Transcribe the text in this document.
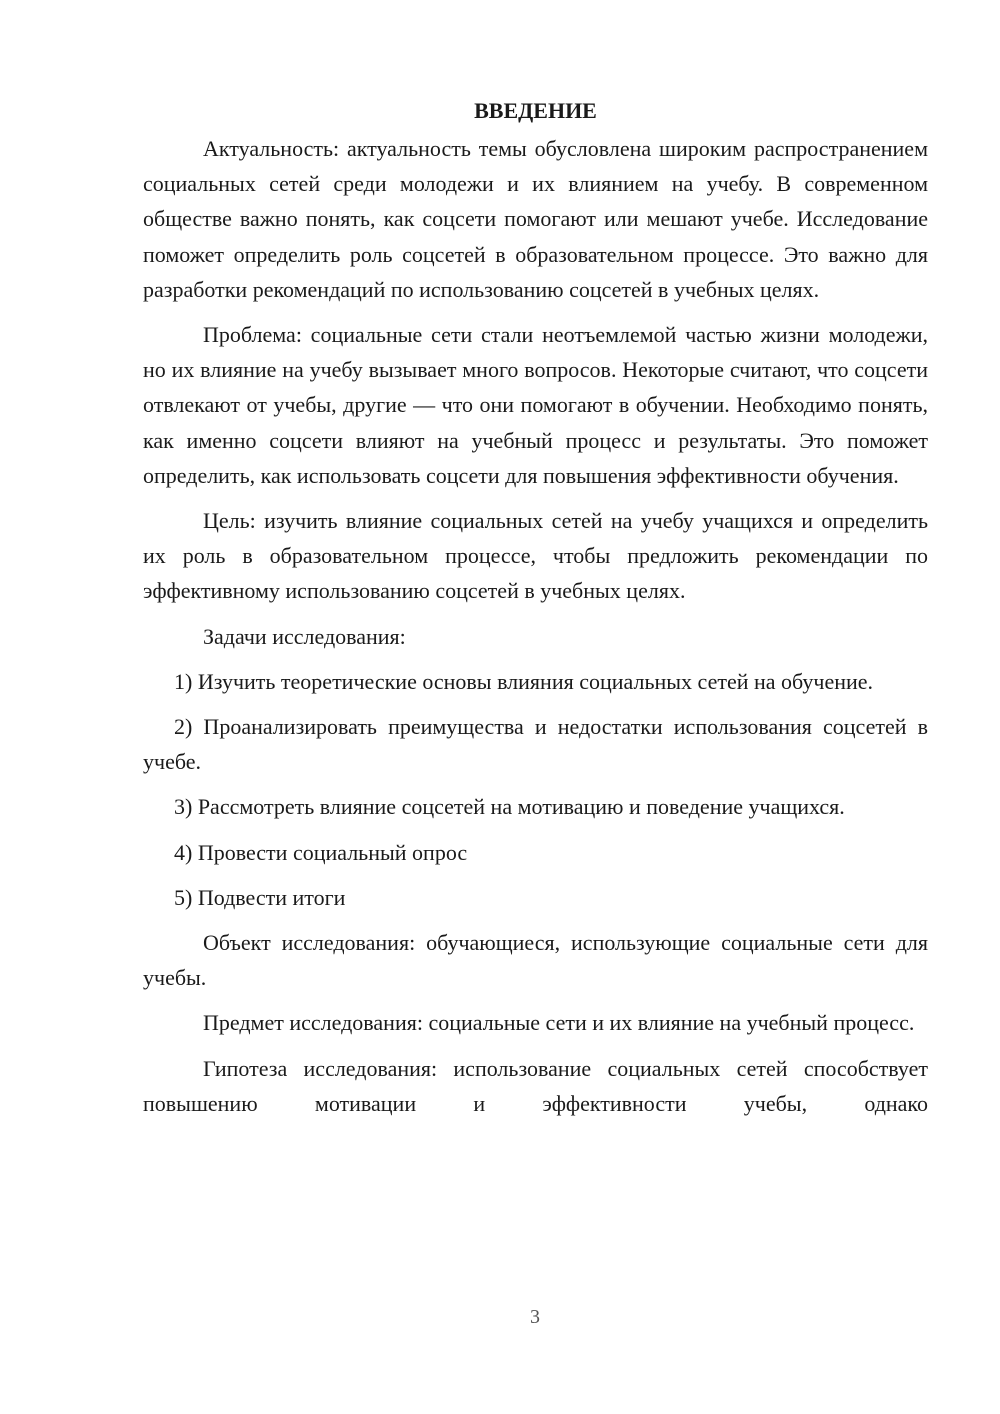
ВВЕДЕНИЕ

Актуальность: актуальность темы обусловлена широким распространением социальных сетей среди молодежи и их влиянием на учебу. В современном обществе важно понять, как соцсети помогают или мешают учебе. Исследование поможет определить роль соцсетей в образовательном процессе. Это важно для разработки рекомендаций по использованию соцсетей в учебных целях.

Проблема: социальные сети стали неотъемлемой частью жизни молодежи, но их влияние на учебу вызывает много вопросов. Некоторые считают, что соцсети отвлекают от учебы, другие — что они помогают в обучении. Необходимо понять, как именно соцсети влияют на учебный процесс и результаты. Это поможет определить, как использовать соцсети для повышения эффективности обучения.

Цель: изучить влияние социальных сетей на учебу учащихся и определить их роль в образовательном процессе, чтобы предложить рекомендации по эффективному использованию соцсетей в учебных целях.

Задачи исследования:

1) Изучить теоретические основы влияния социальных сетей на обучение.

2) Проанализировать преимущества и недостатки использования соцсетей в учебе.

3) Рассмотреть влияние соцсетей на мотивацию и поведение учащихся.

4) Провести социальный опрос

5) Подвести итоги

Объект исследования: обучающиеся, использующие социальные сети для учебы.

Предмет исследования: социальные сети и их влияние на учебный процесс.

Гипотеза исследования: использование социальных сетей способствует повышению мотивации и эффективности учебы, однако

3
